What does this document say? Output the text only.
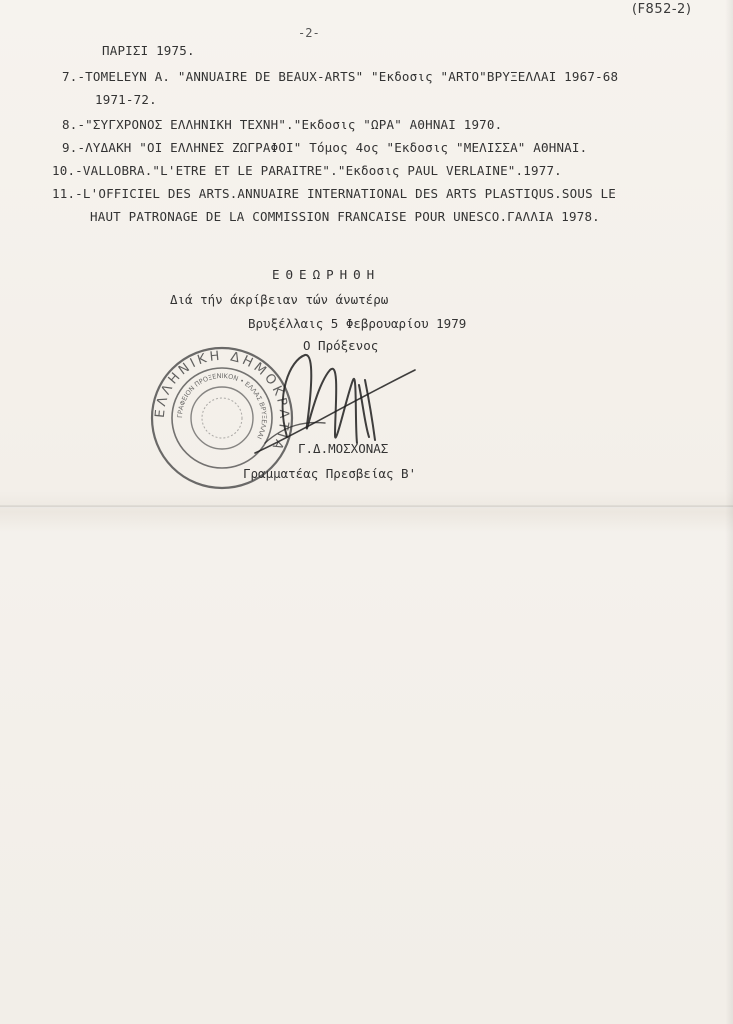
(F852-2)
-2-
ΠΑΡΙΣΙ 1975.
7.-ΤΟΜΕLEYN A. "ANNUAIRE DE BEAUX-ARTS" "Εκδοσις "ARTO"ΒΡΥΞΕΛΛΑΙ 1967-68
1971-72.
8.-"ΣΥΓΧΡΟΝΟΣ ΕΛΛΗΝΙΚΗ ΤΕΧΝΗ"."Εκδοσις "ΩΡΑ" ΑΘΗΝΑΙ 1970.
9.-ΛΥΔΑΚΗ "ΟΙ ΕΛΛΗΝΕΣ ΖΩΓΡΑΦΟΙ" Τόμος 4ος "Εκδοσις "ΜΕΛΙΣΣΑ" ΑΘΗΝΑΙ.
10.-VALLOBRA."L'ETRE ET LE PARAITRE"."Εκδοσις PAUL VERLAINE".1977.
11.-L'OFFICIEL DES ARTS.ANNUAIRE INTERNATIONAL DES ARTS PLASTIQUS.SOUS LE
HAUT PATRONAGE DE LA COMMISSION FRANCAISE POUR UNESCO.ΓΑΛΛΙΑ 1978.
ΕΘΕΩΡΗΘΗ
Διά τήν άκρίβειαν τών άνωτέρω
Βρυξέλλαις 5 Φεβρουαρίου 1979
Ο Πρόξενος
ΕΛΛΗΝΙΚΗ ΔΗΜΟΚΡΑΤΙΑ
ΓΡΑΦΕΙΟΝ ΠΡΟΞΕΝΙΚΟΝ • ΕΛΛΑΣ ΒΡΥΞΕΛΛΑΙ
Γ.Δ.ΜΟΣΧΟΝΑΣ
Γραμματέας Πρεσβείας Β'
